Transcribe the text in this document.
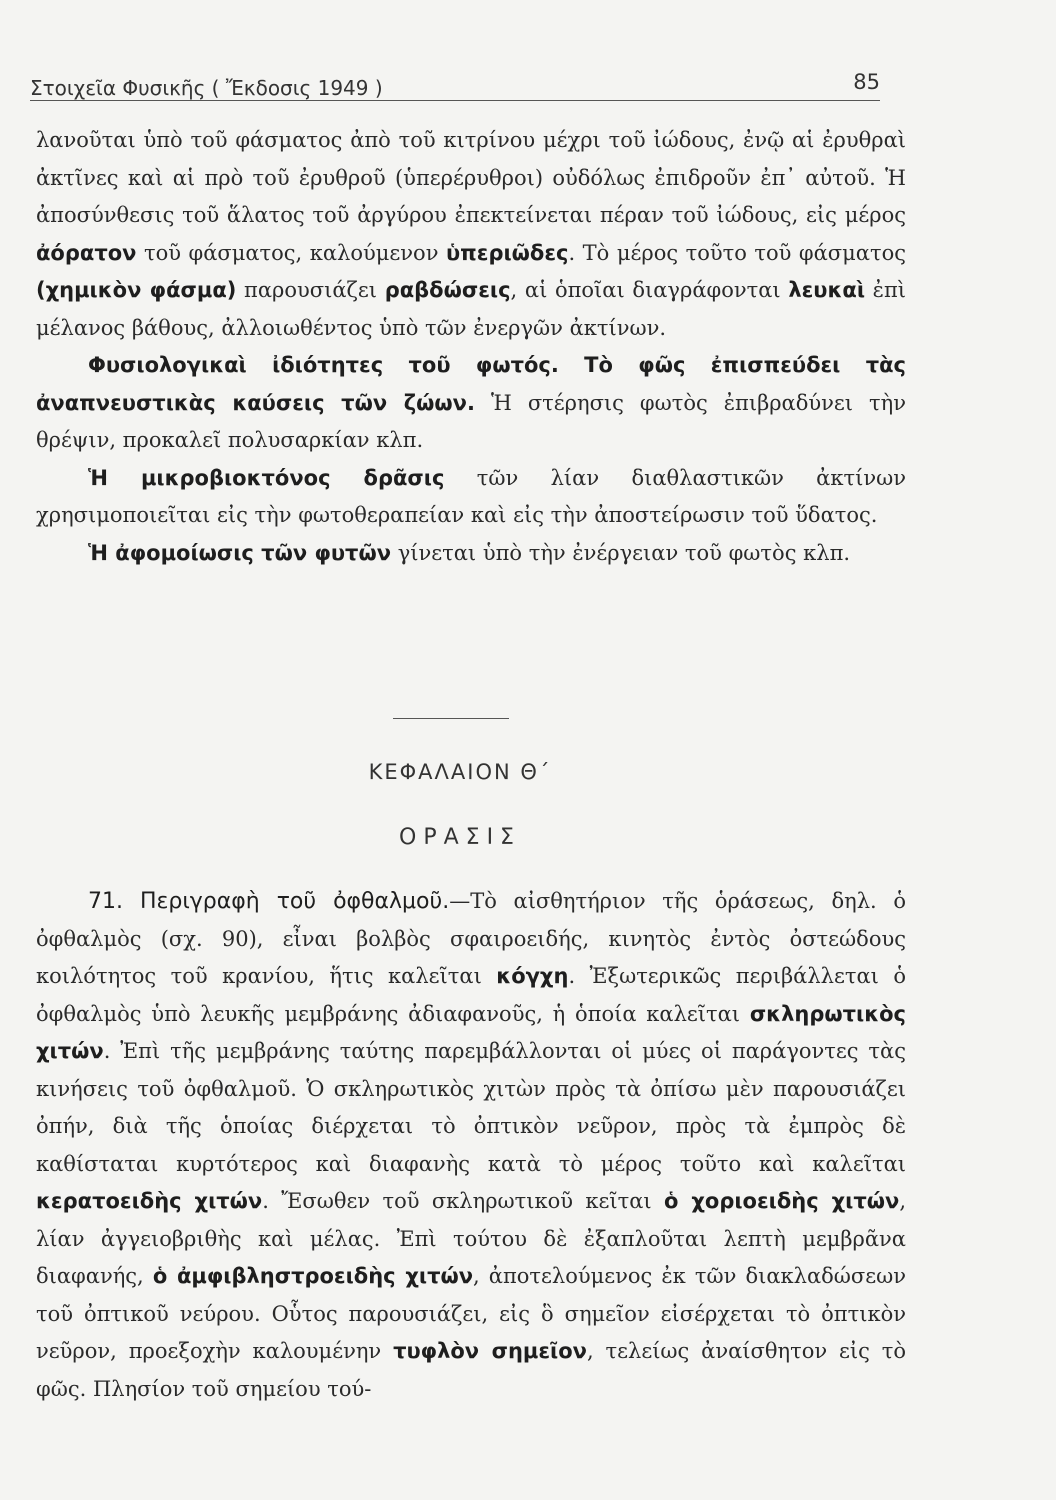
Στοιχεῖα Φυσικῆς ( Ἔκδοσις 1949 )	85

λανοῦται ὑπὸ τοῦ φάσματος ἀπὸ τοῦ κιτρίνου μέχρι τοῦ ἰώδους, ἐνῷ αἱ ἐρυθραὶ ἀκτῖνες καὶ αἱ πρὸ τοῦ ἐρυθροῦ (ὑπερέρυθροι) οὐδόλως ἐπιδροῦν ἐπ᾽ αὐτοῦ. Ἡ ἀποσύνθεσις τοῦ ἅλατος τοῦ ἀργύρου ἐπεκτείνεται πέραν τοῦ ἰώδους, εἰς μέρος ἀόρατον τοῦ φάσματος, καλούμενον ὑπεριῶδες. Τὸ μέρος τοῦτο τοῦ φάσματος (χημικὸν φάσμα) παρουσιάζει ραβδώσεις, αἱ ὁποῖαι διαγράφονται λευκαὶ ἐπὶ μέλανος βάθους, ἀλλοιωθέντος ὑπὸ τῶν ἐνεργῶν ἀκτίνων.

Φυσιολογικαὶ ἰδιότητες τοῦ φωτός. Τὸ φῶς ἐπισπεύδει τὰς ἀναπνευστικὰς καύσεις τῶν ζώων. Ἡ στέρησις φωτὸς ἐπιβραδύνει τὴν θρέψιν, προκαλεῖ πολυσαρκίαν κλπ.

Ἡ μικροβιοκτόνος δρᾶσις τῶν λίαν διαθλαστικῶν ἀκτίνων χρησιμοποιεῖται εἰς τὴν φωτοθεραπείαν καὶ εἰς τὴν ἀποστείρωσιν τοῦ ὕδατος.

Ἡ ἀφομοίωσις τῶν φυτῶν γίνεται ὑπὸ τὴν ἐνέργειαν τοῦ φωτὸς κλπ.

ΚΕΦΑΛΑΙΟΝ Θ΄
ΟΡΑΣΙΣ

71. Περιγραφὴ τοῦ ὀφθαλμοῦ.—Τὸ αἰσθητήριον τῆς ὁράσεως, δηλ. ὁ ὀφθαλμὸς (σχ. 90), εἶναι βολβὸς σφαιροειδής, κινητὸς ἐντὸς ὀστεώδους κοιλότητος τοῦ κρανίου, ἥτις καλεῖται κόγχη. Ἐξωτερικῶς περιβάλλεται ὁ ὀφθαλμὸς ὑπὸ λευκῆς μεμβράνης ἀδιαφανοῦς, ἡ ὁποία καλεῖται σκληρωτικὸς χιτών. Ἐπὶ τῆς μεμβράνης ταύτης παρεμβάλλονται οἱ μύες οἱ παράγοντες τὰς κινήσεις τοῦ ὀφθαλμοῦ. Ὁ σκληρωτικὸς χιτὼν πρὸς τὰ ὀπίσω μὲν παρουσιάζει ὀπήν, διὰ τῆς ὁποίας διέρχεται τὸ ὀπτικὸν νεῦρον, πρὸς τὰ ἐμπρὸς δὲ καθίσταται κυρτότερος καὶ διαφανὴς κατὰ τὸ μέρος τοῦτο καὶ καλεῖται κερατοειδὴς χιτών. Ἔσωθεν τοῦ σκληρωτικοῦ κεῖται ὁ χοριοειδὴς χιτών, λίαν ἀγγειοβριθὴς καὶ μέλας. Ἐπὶ τούτου δὲ ἐξαπλοῦται λεπτὴ μεμβρᾶνα διαφανής, ὁ ἀμφιβληστροειδὴς χιτών, ἀποτελούμενος ἐκ τῶν διακλαδώσεων τοῦ ὀπτικοῦ νεύρου. Οὗτος παρουσιάζει, εἰς ὃ σημεῖον εἰσέρχεται τὸ ὀπτικὸν νεῦρον, προεξοχὴν καλουμένην τυφλὸν σημεῖον, τελείως ἀναίσθητον εἰς τὸ φῶς. Πλησίον τοῦ σημείου τού-
